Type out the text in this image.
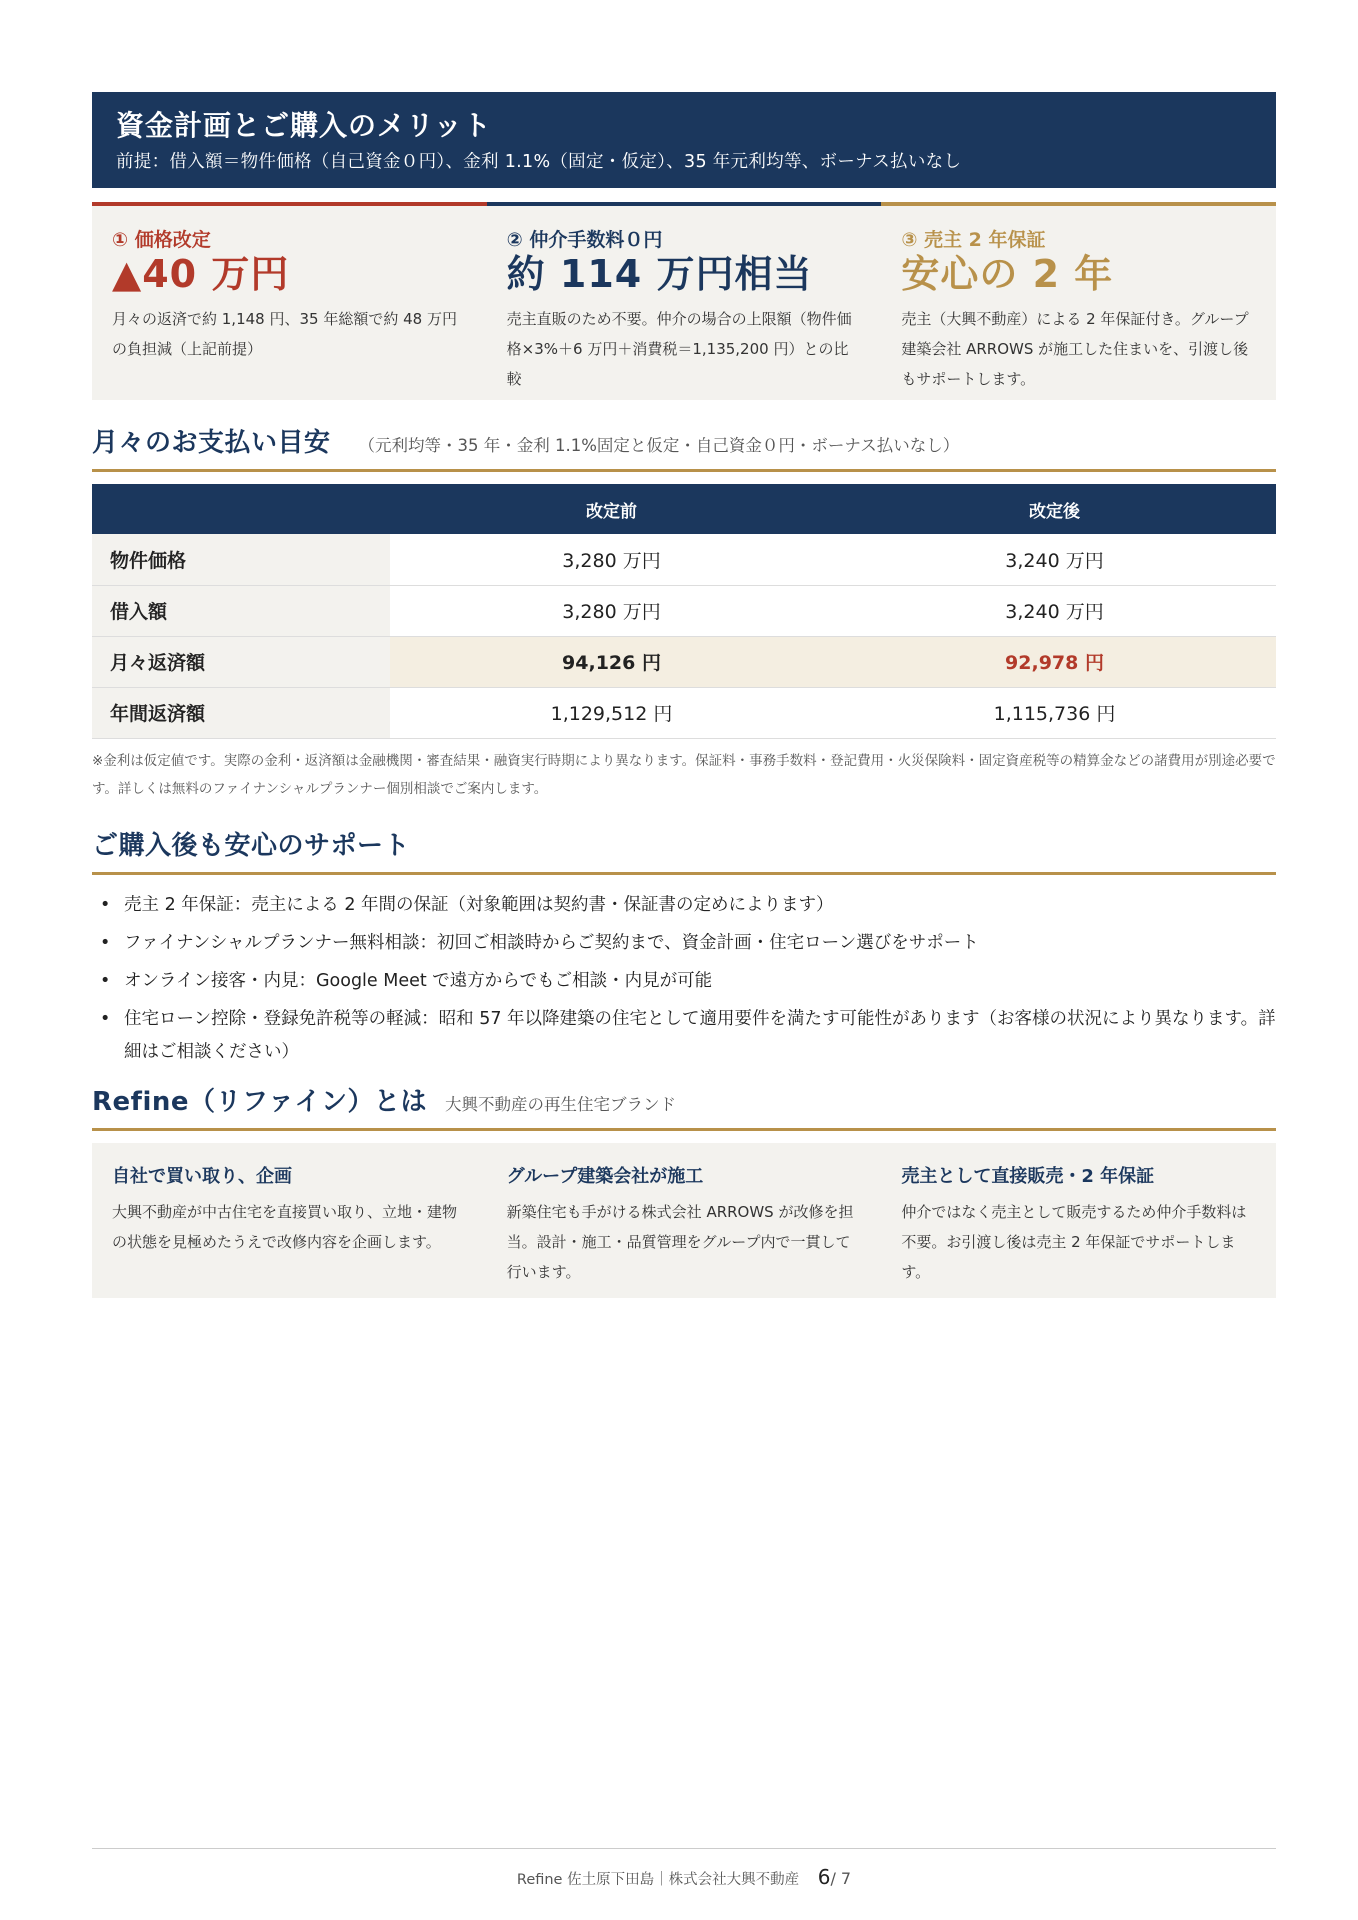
資金計画とご購入のメリット
前提：借入額＝物件価格（自己資金０円）、金利 1.1%（固定・仮定）、35 年元利均等、ボーナス払いなし
① 価格改定
▲40 万円
月々の返済で約 1,148 円、35 年総額で約 48 万円の負担減（上記前提）
② 仲介手数料０円
約 114 万円相当
売主直販のため不要。仲介の場合の上限額（物件価格×3%＋6 万円＋消費税＝1,135,200 円）との比較
③ 売主 2 年保証
安心の 2 年
売主（大興不動産）による 2 年保証付き。グループ建築会社 ARROWS が施工した住まいを、引渡し後もサポートします。
月々のお支払い目安 （元利均等・35 年・金利 1.1%固定と仮定・自己資金０円・ボーナス払いなし）
	改定前	改定後
物件価格	3,280 万円	3,240 万円
借入額	3,280 万円	3,240 万円
月々返済額	94,126 円	92,978 円
年間返済額	1,129,512 円	1,115,736 円
※金利は仮定値です。実際の金利・返済額は金融機関・審査結果・融資実行時期により異なります。保証料・事務手数料・登記費用・火災保険料・固定資産税等の精算金などの諸費用が別途必要です。詳しくは無料のファイナンシャルプランナー個別相談でご案内します。
ご購入後も安心のサポート
• 売主 2 年保証：売主による 2 年間の保証（対象範囲は契約書・保証書の定めによります）
• ファイナンシャルプランナー無料相談：初回ご相談時からご契約まで、資金計画・住宅ローン選びをサポート
• オンライン接客・内見：Google Meet で遠方からでもご相談・内見が可能
• 住宅ローン控除・登録免許税等の軽減：昭和 57 年以降建築の住宅として適用要件を満たす可能性があります（お客様の状況により異なります。詳細はご相談ください）
Refine（リファイン）とは 大興不動産の再生住宅ブランド
自社で買い取り、企画
大興不動産が中古住宅を直接買い取り、立地・建物の状態を見極めたうえで改修内容を企画します。
グループ建築会社が施工
新築住宅も手がける株式会社 ARROWS が改修を担当。設計・施工・品質管理をグループ内で一貫して行います。
売主として直接販売・2 年保証
仲介ではなく売主として販売するため仲介手数料は不要。お引渡し後は売主 2 年保証でサポートします。
Refine 佐土原下田島｜株式会社大興不動産 6/ 7
